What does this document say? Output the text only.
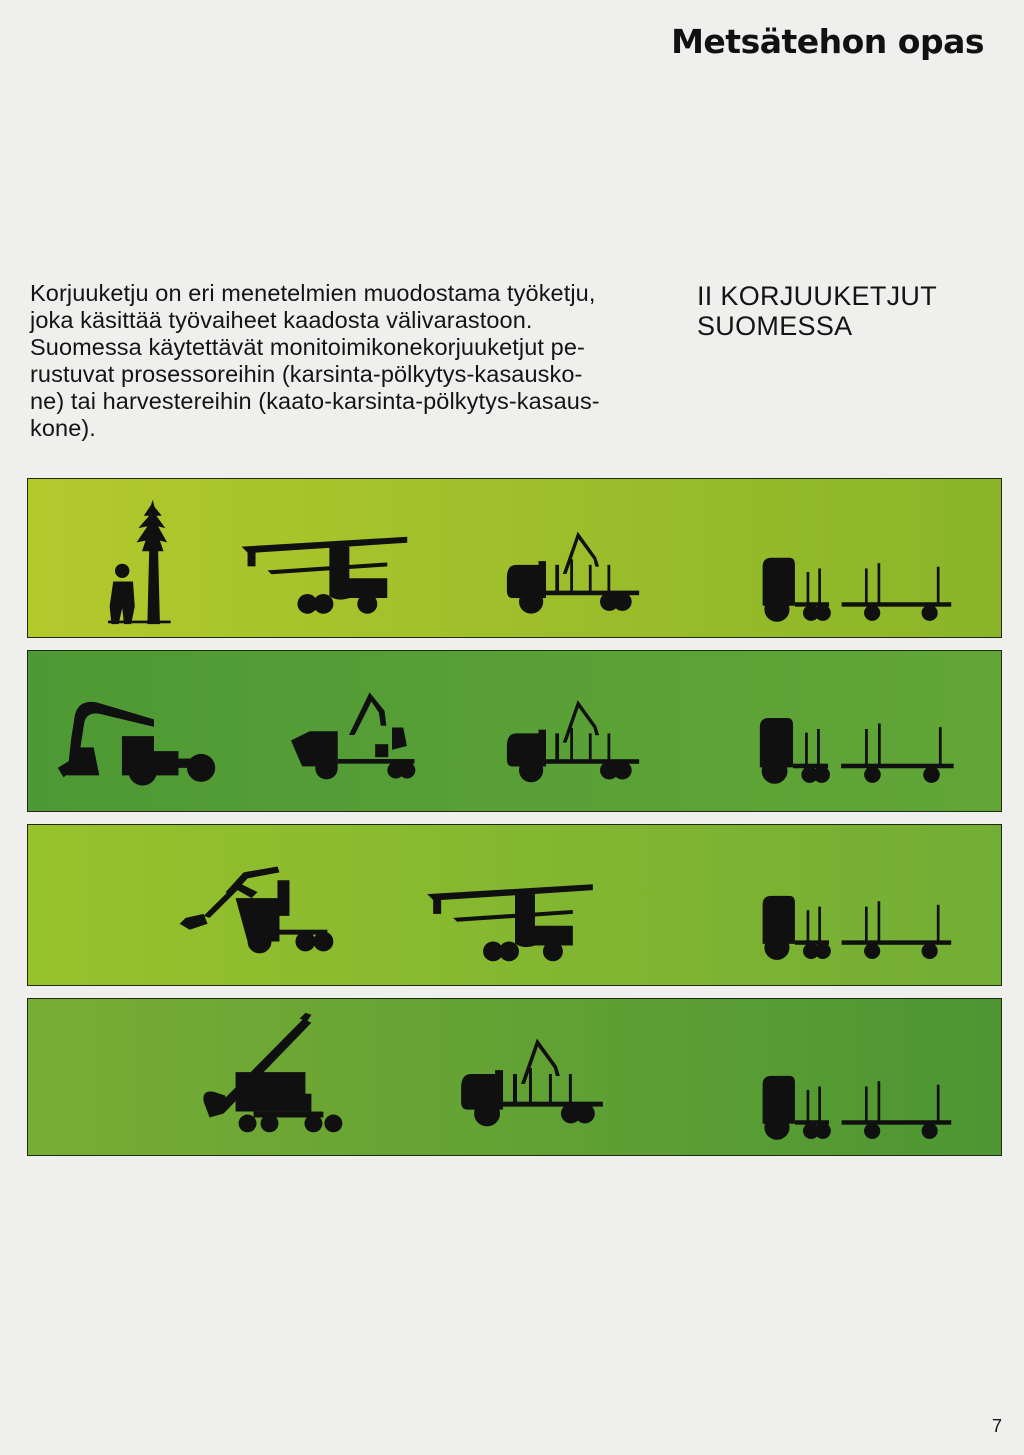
Metsätehon opas

Korjuuketju on eri menetelmien muodostama työketju,
joka käsittää työvaiheet kaadosta välivarastoon.

Suomessa käytettävät monitoimikonekorjuuketjut pe-
rustuvat prosessoreihin (karsinta-pölkytys-kasausko-
ne) tai harvestereihin (kaato-karsinta-pölkytys-kasaus-
kone).

II KORJUUKETJUT
SUOMESSA
7
